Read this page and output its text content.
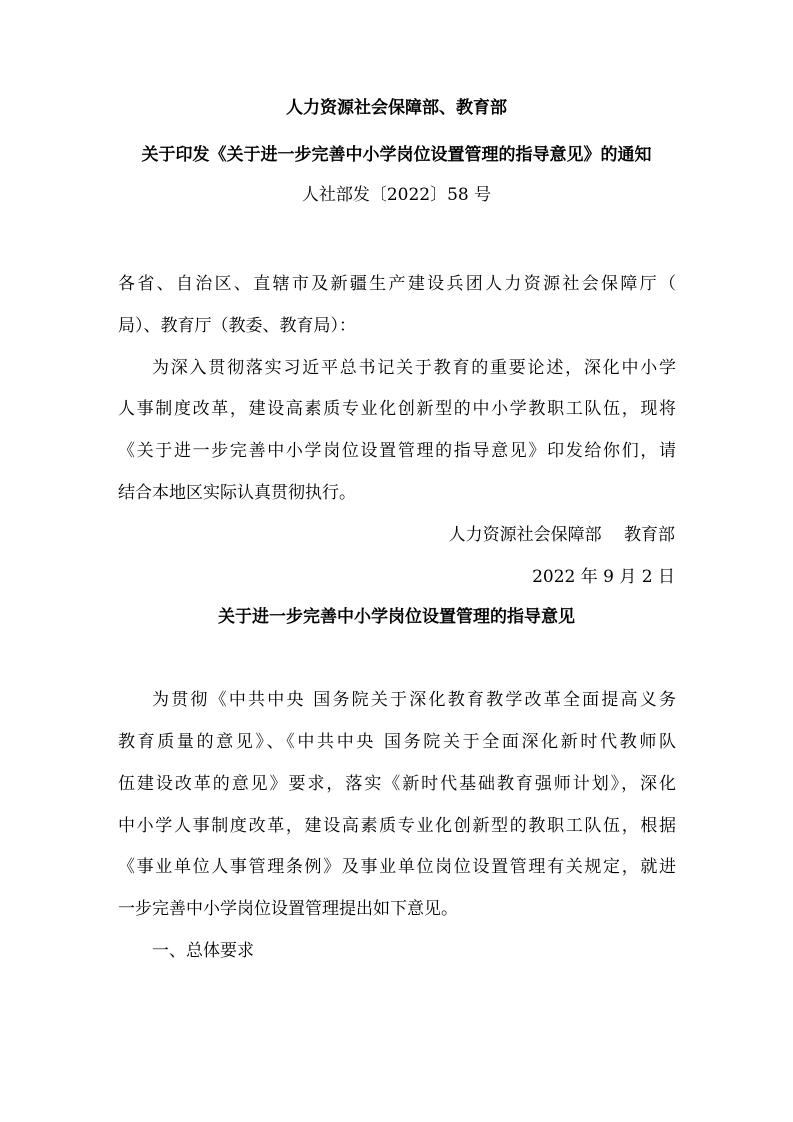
人力资源社会保障部、教育部
关于印发《关于进一步完善中小学岗位设置管理的指导意见》的通知
人社部发〔2022〕58 号
各省、自治区、直辖市及新疆生产建设兵团人力资源社会保障厅（
局）、教育厅（教委、教育局）：
为深入贯彻落实习近平总书记关于教育的重要论述，深化中小学
人事制度改革，建设高素质专业化创新型的中小学教职工队伍，现将
《关于进一步完善中小学岗位设置管理的指导意见》印发给你们，请
结合本地区实际认真贯彻执行。
人力资源社会保障部　 教育部
2022 年 9 月 2 日
关于进一步完善中小学岗位设置管理的指导意见
为贯彻《中共中央 国务院关于深化教育教学改革全面提高义务
教育质量的意见》、《中共中央 国务院关于全面深化新时代教师队
伍建设改革的意见》要求，落实《新时代基础教育强师计划》，深化
中小学人事制度改革，建设高素质专业化创新型的教职工队伍，根据
《事业单位人事管理条例》及事业单位岗位设置管理有关规定，就进
一步完善中小学岗位设置管理提出如下意见。
一、总体要求
